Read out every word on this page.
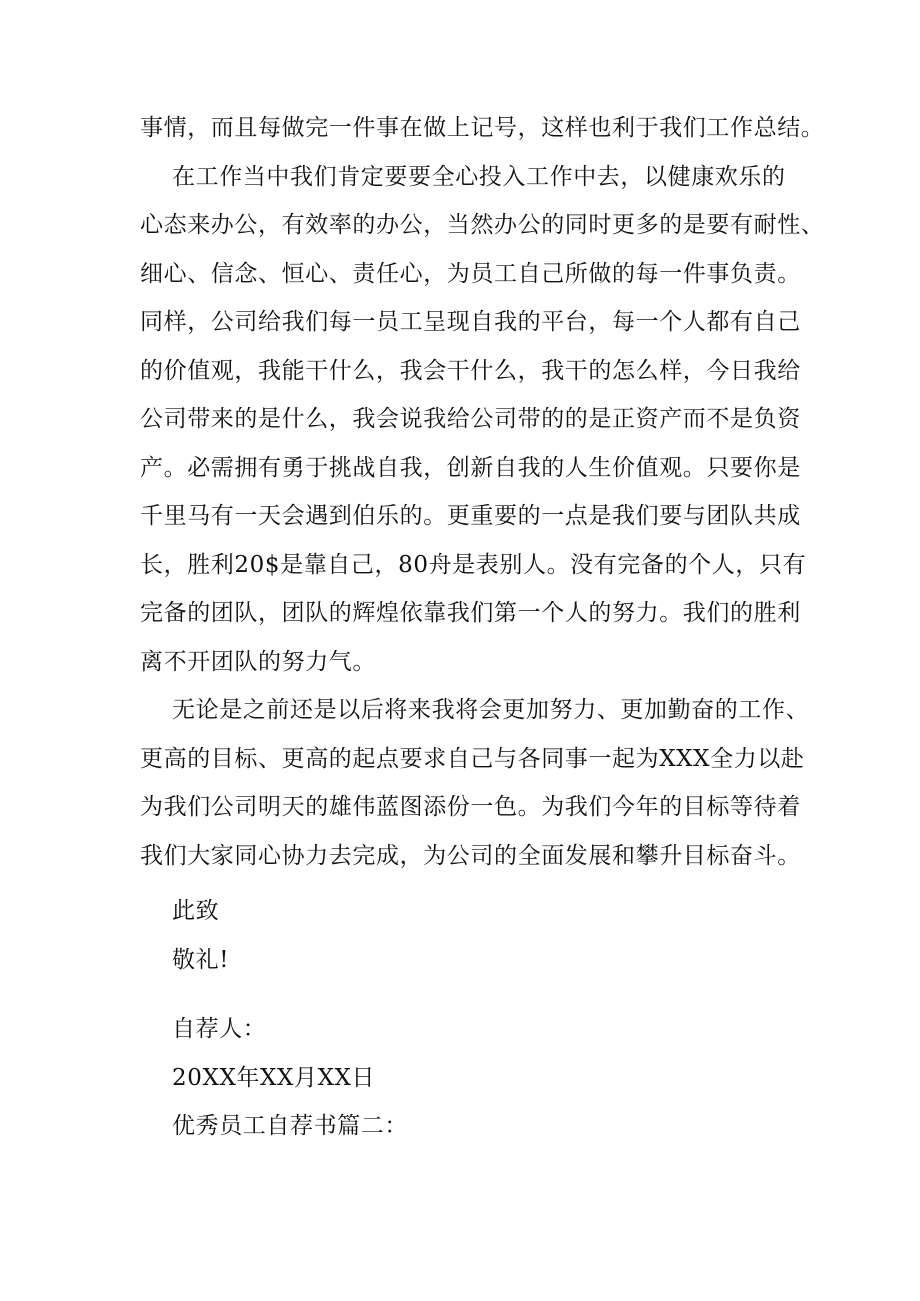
事情，而且每做完一件事在做上记号，这样也利于我们工作总结。
在工作当中我们肯定要要全心投入工作中去，以健康欢乐的
心态来办公，有效率的办公，当然办公的同时更多的是要有耐性、
细心、信念、恒心、责任心，为员工自己所做的每一件事负责。
同样，公司给我们每一员工呈现自我的平台，每一个人都有自己
的价值观，我能干什么，我会干什么，我干的怎么样，今日我给
公司带来的是什么，我会说我给公司带的的是正资产而不是负资
产。必需拥有勇于挑战自我，创新自我的人生价值观。只要你是
千里马有一天会遇到伯乐的。更重要的一点是我们要与团队共成
长，胜利20$是靠自己，80舟是表别人。没有完备的个人，只有
完备的团队，团队的辉煌依靠我们第一个人的努力。我们的胜利
离不开团队的努力气。
无论是之前还是以后将来我将会更加努力、更加勤奋的工作、
更高的目标、更高的起点要求自己与各同事一起为XXX全力以赴
为我们公司明天的雄伟蓝图添份一色。为我们今年的目标等待着
我们大家同心协力去完成，为公司的全面发展和攀升目标奋斗。
此致
敬礼!
自荐人：
20XX年XX月XX日
优秀员工自荐书篇二：
